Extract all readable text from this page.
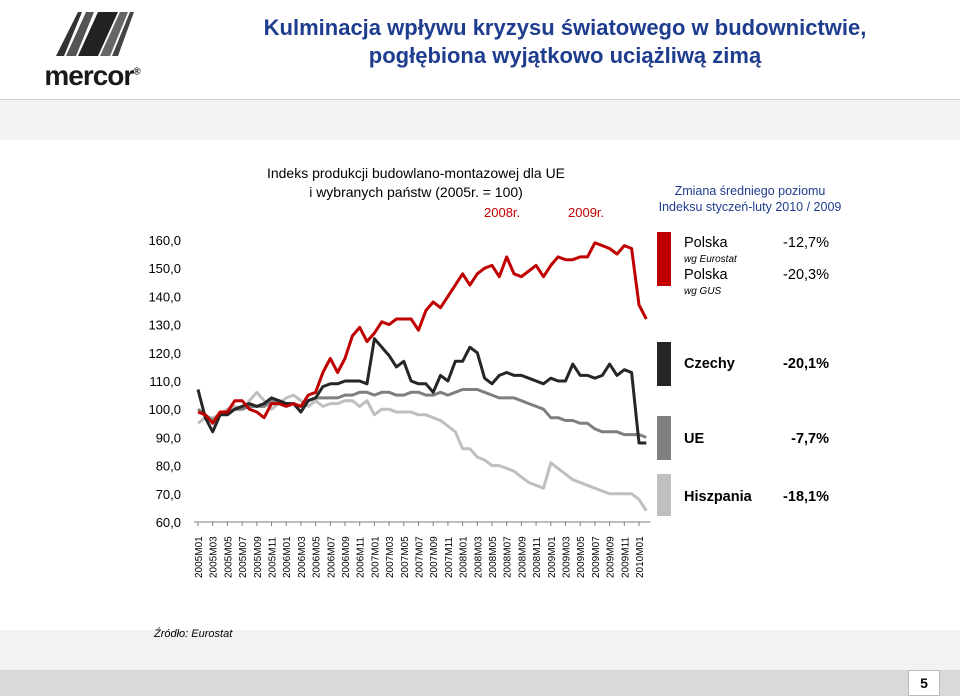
mercor®
Kulminacja wpływu kryzysu światowego w budownictwie,
pogłębiona wyjątkowo uciążliwą zimą
Indeks produkcji budowlano-montazowej dla UE
i wybranych państw (2005r. = 100)
2008r.	2009r.
Zmiana średniego poziomu
Indeksu styczeń-luty 2010 / 2009
160,0
150,0
140,0
130,0
120,0
110,0
100,0
90,0
80,0
70,0
60,0
2005M01 2005M03 2005M05 2005M07 2005M09 2005M11 2006M01 2006M03 2006M05 2006M07 2006M09 2006M11 2007M01 2007M03 2007M05 2007M07 2007M09 2007M11 2008M01 2008M03 2008M05 2008M07 2008M09 2008M11 2009M01 2009M03 2009M05 2009M07 2009M09 2009M11 2010M01
Polska
wg Eurostat
-12,7%
Polska
wg GUS
-20,3%
Czechy	-20,1%
UE	-7,7%
Hiszpania -18,1%
Źródło: Eurostat
5
